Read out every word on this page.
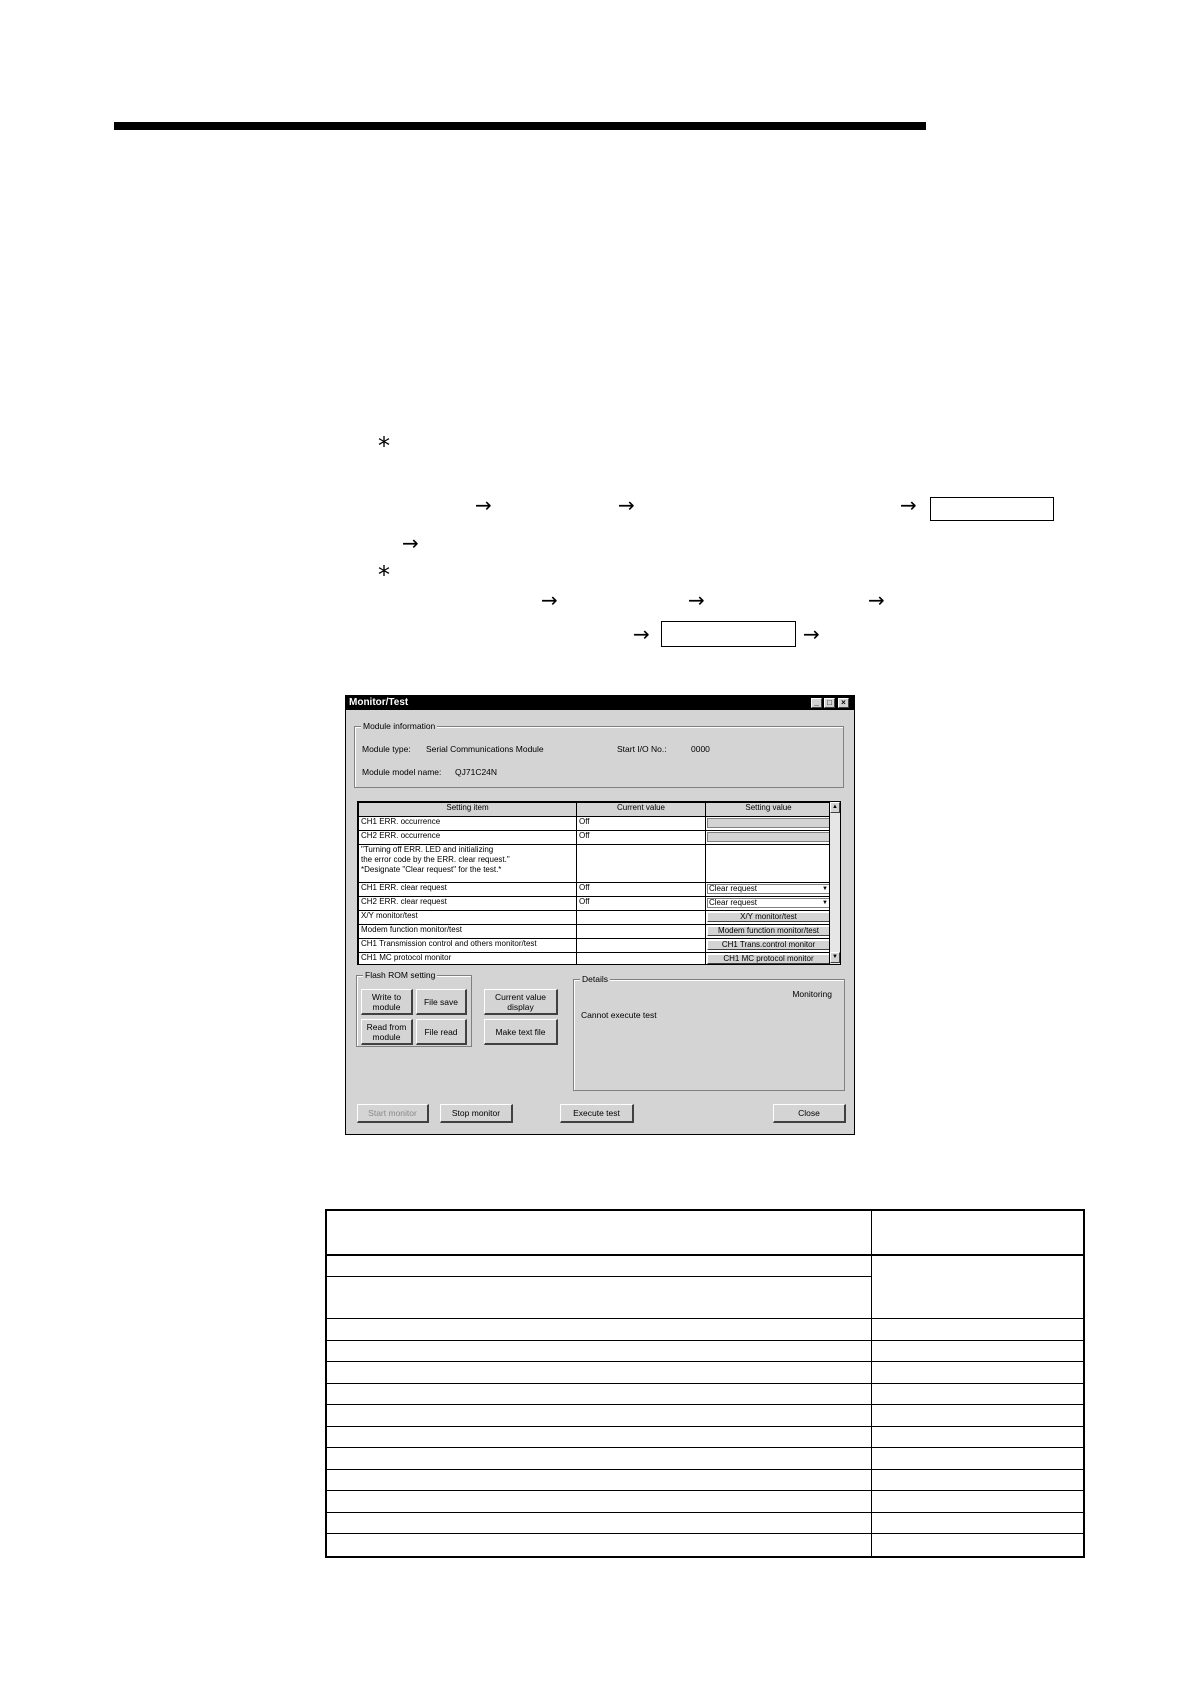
*
→	→	→
→
*
→	→	→
→	→
Monitor/Test	_	□	×
Module information
Module type: Serial Communications Module	Start I/O No.:	0000
Module model name: QJ71C24N
Setting item	Current value	Setting value
CH1 ERR. occurrence	Off	

CH2 ERR. occurrence	Off	

"Turning off ERR. LED and initializing
the error code by the ERR. clear request."
*Designate "Clear request" for the test.*		

CH1 ERR. clear request	Off	Clear request ▼

CH2 ERR. clear request	Off	Clear request ▼

X/Y monitor/test		X/Y monitor/test

Modem function monitor/test		Modem function monitor/test

CH1 Transmission control and others monitor/test		CH1 Trans.control monitor

CH1 MC protocol monitor		CH1 MC protocol monitor
▲
▼
Flash ROM setting
Write to module	File save
Read from module	File read
Current value display
Make text file
Details
Monitoring
Cannot execute test
Start monitor	Stop monitor	Execute test	Close
